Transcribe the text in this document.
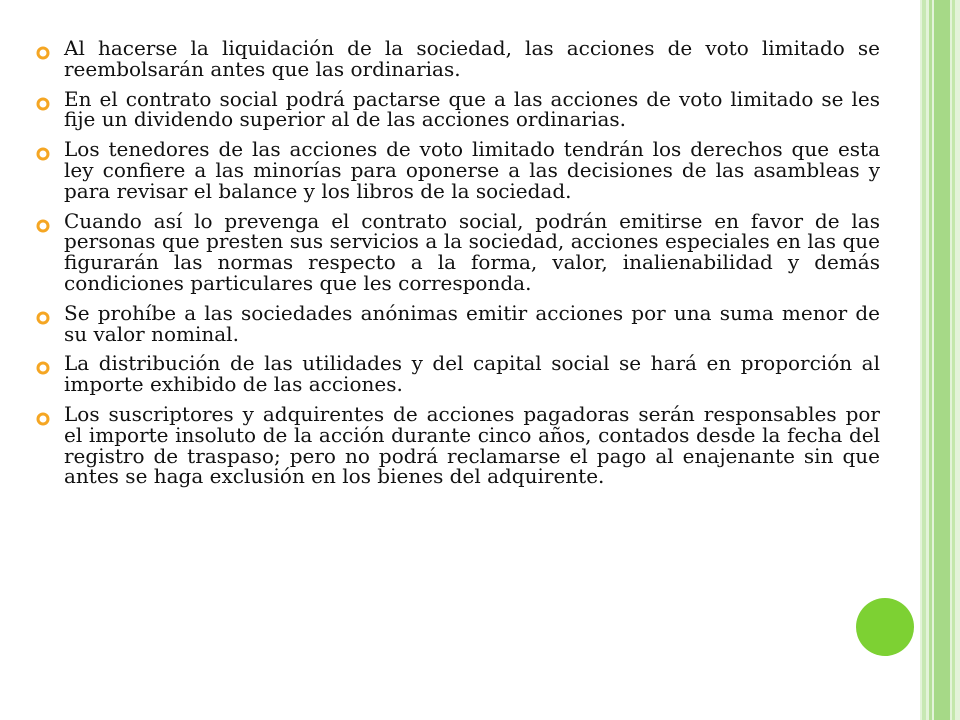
Al hacerse la liquidación de la sociedad, las acciones de voto limitado se reembolsarán antes que las ordinarias.
En el contrato social podrá pactarse que a las acciones de voto limitado se les fije un dividendo superior al de las acciones ordinarias.
Los tenedores de las acciones de voto limitado tendrán los derechos que esta ley confiere a las minorías para oponerse a las decisiones de las asambleas y para revisar el balance y los libros de la sociedad.
Cuando así lo prevenga el contrato social, podrán emitirse en favor de las personas que presten sus servicios a la sociedad, acciones especiales en las que figurarán las normas respecto a la forma, valor, inalienabilidad y demás condiciones particulares que les corresponda.
Se prohíbe a las sociedades anónimas emitir acciones por una suma menor de su valor nominal.
La distribución de las utilidades y del capital social se hará en proporción al importe exhibido de las acciones.
Los suscriptores y adquirentes de acciones pagadoras serán responsables por el importe insoluto de la acción durante cinco años, contados desde la fecha del registro de traspaso; pero no podrá reclamarse el pago al enajenante sin que antes se haga exclusión en los bienes del adquirente.
